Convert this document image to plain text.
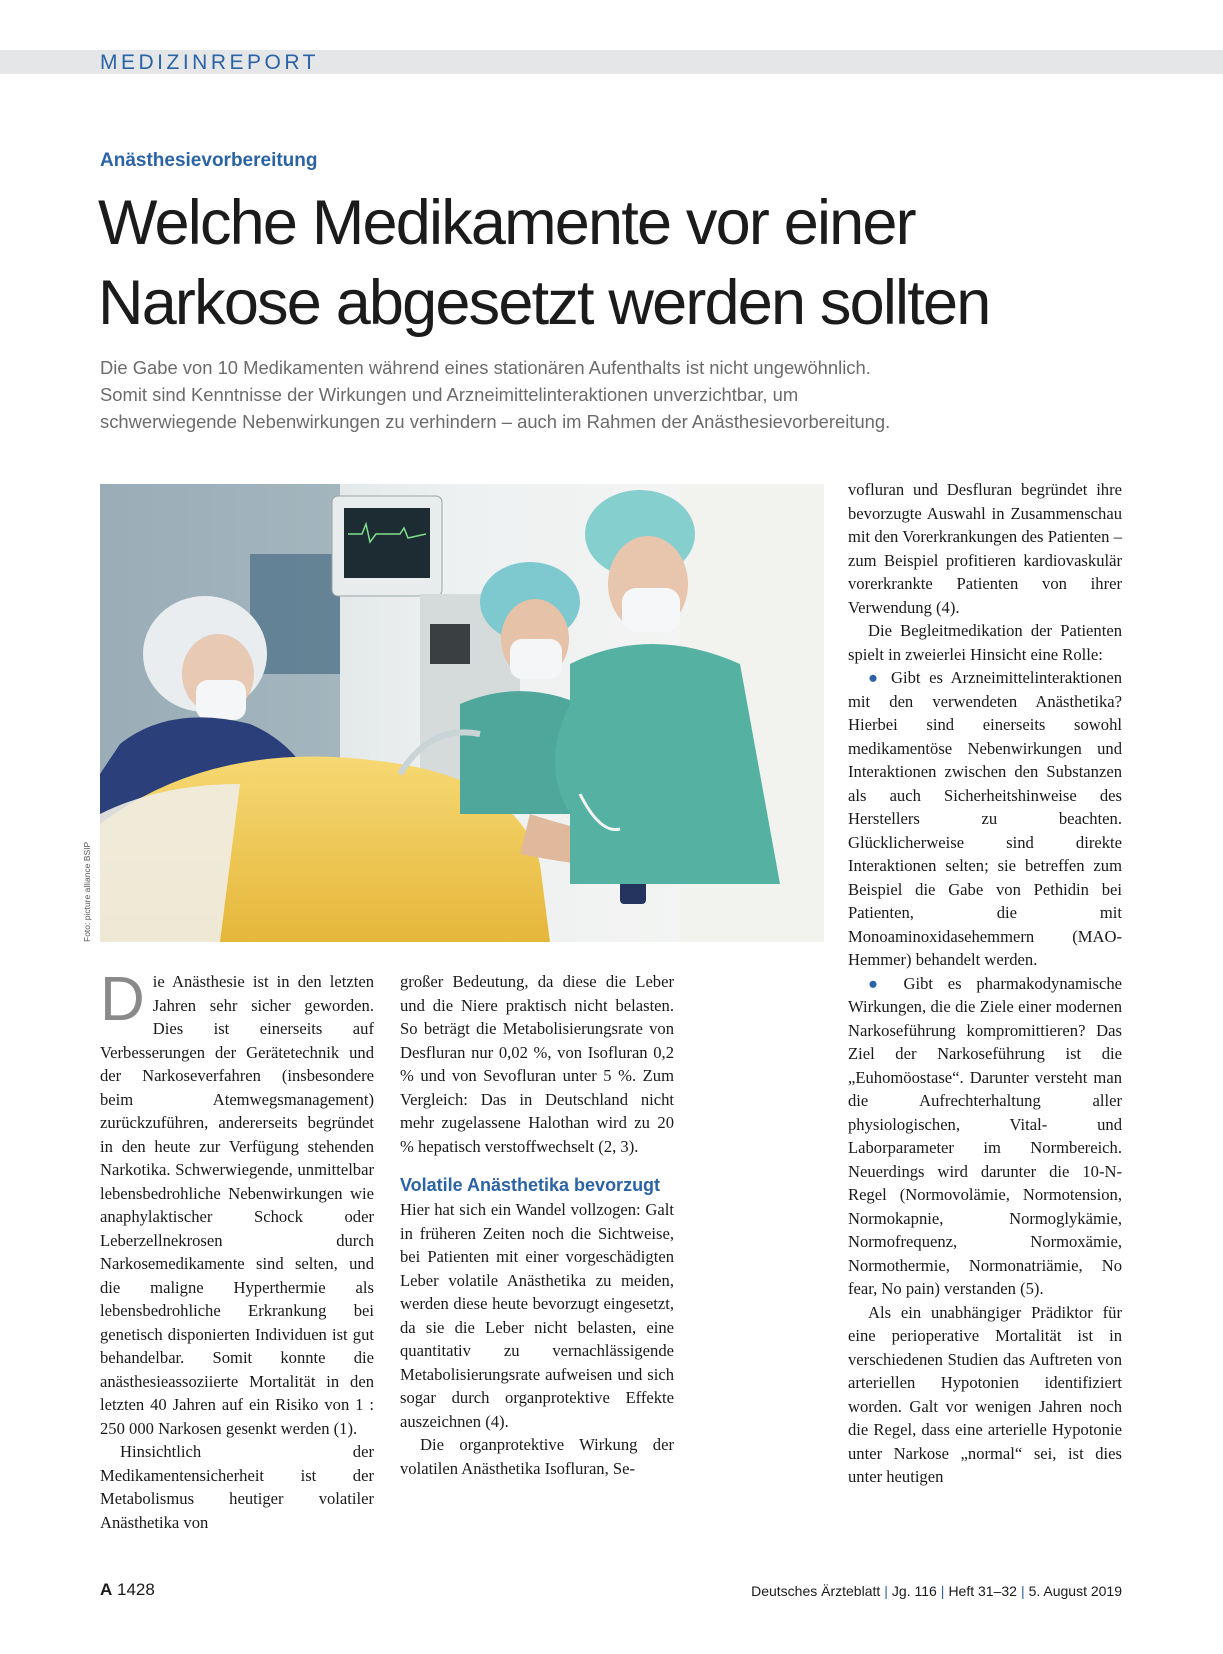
MEDIZINREPORT
Anästhesievorbereitung
Welche Medikamente vor einer
Narkose abgesetzt werden sollten
Die Gabe von 10 Medikamenten während eines stationären Aufenthalts ist nicht ungewöhnlich.
Somit sind Kenntnisse der Wirkungen und Arzneimittelinteraktionen unverzichtbar, um
schwerwiegende Nebenwirkungen zu verhindern – auch im Rahmen der Anästhesievorbereitung.
Foto: picture alliance BSIP

Die Anästhesie ist in den letzten Jahren sehr sicher geworden. Dies ist einerseits auf Verbesserungen der Gerätetechnik und der Narkoseverfahren (insbesondere beim Atemwegsmanagement) zurückzuführen, andererseits begründet in den heute zur Verfügung stehenden Narkotika. Schwerwiegende, unmittelbar lebensbedrohliche Nebenwirkungen wie anaphylaktischer Schock oder Leberzellnekrosen durch Narkosemedikamente sind selten, und die maligne Hyperthermie als lebensbedrohliche Erkrankung bei genetisch disponierten Individuen ist gut behandelbar. Somit konnte die anästhesieassoziierte Mortalität in den letzten 40 Jahren auf ein Risiko von 1 : 250 000 Narkosen gesenkt werden (1).

Hinsichtlich der Medikamentensicherheit ist der Metabolismus heutiger volatiler Anästhetika von

großer Bedeutung, da diese die Leber und die Niere praktisch nicht belasten. So beträgt die Metabolisierungsrate von Desfluran nur 0,02 %, von Isofluran 0,2 % und von Sevofluran unter 5 %. Zum Vergleich: Das in Deutschland nicht mehr zugelassene Halothan wird zu 20 % hepatisch verstoffwechselt (2, 3).

Volatile Anästhetika bevorzugt

Hier hat sich ein Wandel vollzogen: Galt in früheren Zeiten noch die Sichtweise, bei Patienten mit einer vorgeschädigten Leber volatile Anästhetika zu meiden, werden diese heute bevorzugt eingesetzt, da sie die Leber nicht belasten, eine quantitativ zu vernachlässigende Metabolisierungsrate aufweisen und sich sogar durch organprotektive Effekte auszeichnen (4).

Die organprotektive Wirkung der volatilen Anästhetika Isofluran, Se-

vofluran und Desfluran begründet ihre bevorzugte Auswahl in Zusammenschau mit den Vorerkrankungen des Patienten – zum Beispiel profitieren kardiovaskulär vorerkrankte Patienten von ihrer Verwendung (4).

Die Begleitmedikation der Patienten spielt in zweierlei Hinsicht eine Rolle:

● Gibt es Arzneimittelinteraktionen mit den verwendeten Anästhetika? Hierbei sind einerseits sowohl medikamentöse Nebenwirkungen und Interaktionen zwischen den Substanzen als auch Sicherheitshinweise des Herstellers zu beachten. Glücklicherweise sind direkte Interaktionen selten; sie betreffen zum Beispiel die Gabe von Pethidin bei Patienten, die mit Monoaminoxidasehemmern (MAO-Hemmer) behandelt werden.

● Gibt es pharmakodynamische Wirkungen, die die Ziele einer modernen Narkoseführung kompromittieren? Das Ziel der Narkoseführung ist die „Euhomöostase“. Darunter versteht man die Aufrechterhaltung aller physiologischen, Vital- und Laborparameter im Normbereich. Neuerdings wird darunter die 10-N-Regel (Normovolämie, Normotension, Normokapnie, Normoglykämie, Normofrequenz, Normoxämie, Normothermie, Normonatriämie, No fear, No pain) verstanden (5).

Als ein unabhängiger Prädiktor für eine perioperative Mortalität ist in verschiedenen Studien das Auftreten von arteriellen Hypotonien identifiziert worden. Galt vor wenigen Jahren noch die Regel, dass eine arterielle Hypotonie unter Narkose „normal“ sei, ist dies unter heutigen

A 1428	Deutsches Ärzteblatt | Jg. 116 | Heft 31–32 | 5. August 2019
